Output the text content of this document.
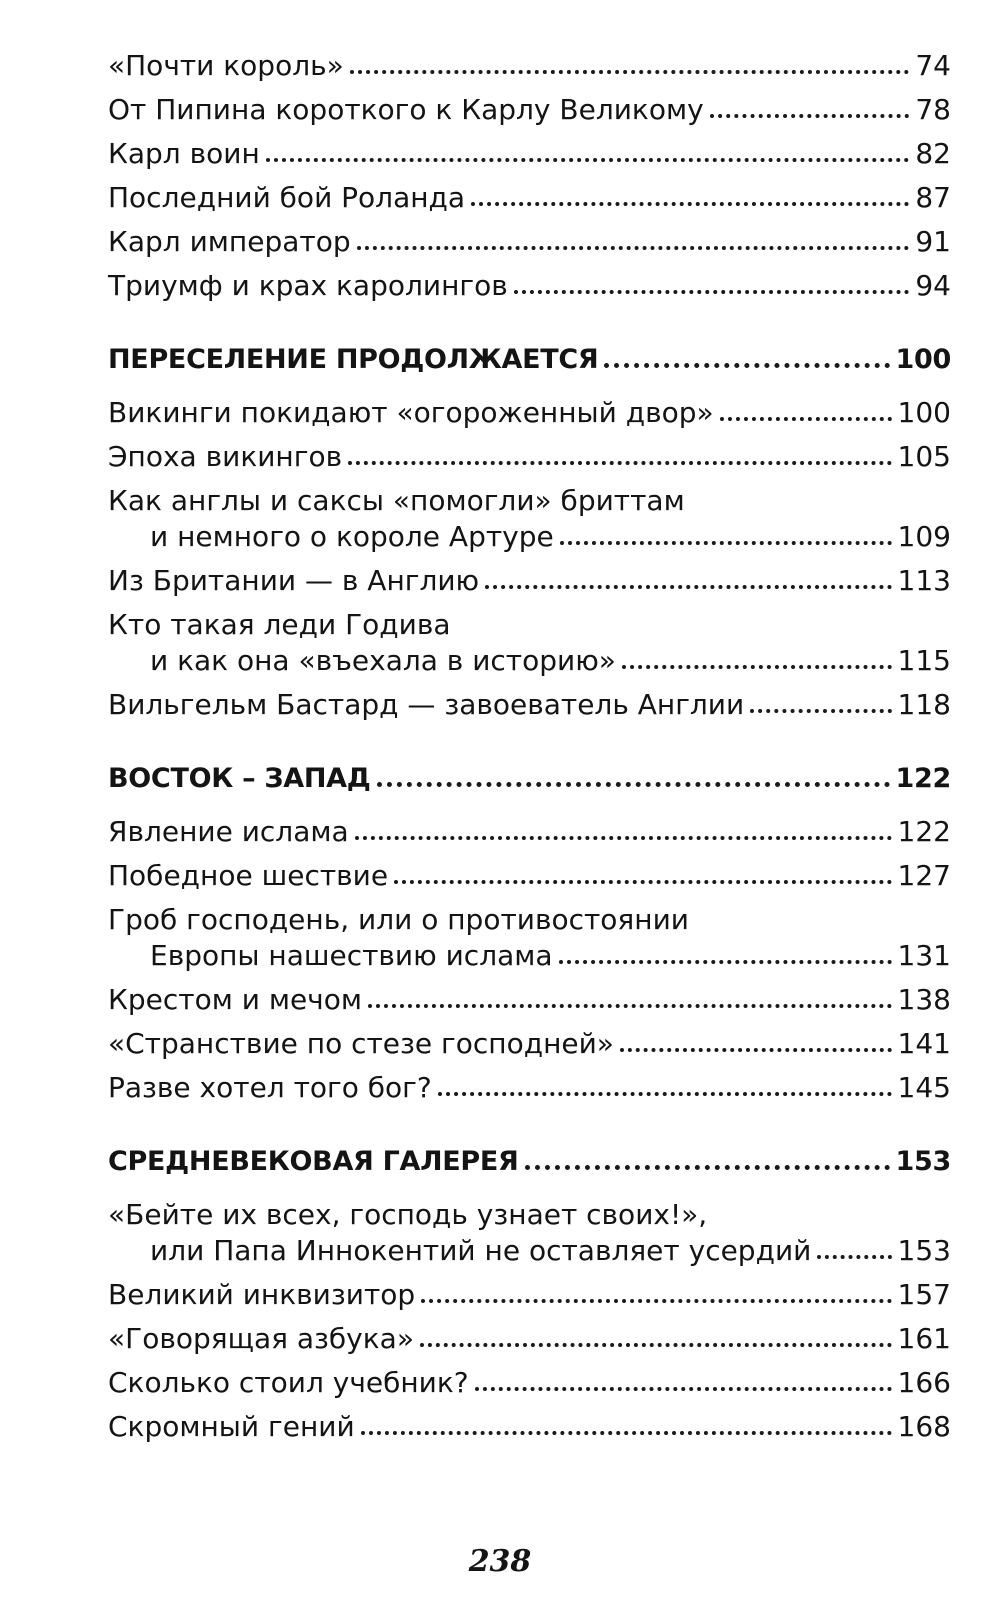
«Почти король»	74
От Пипина короткого к Карлу Великому	78
Карл воин	82
Последний бой Роланда	87
Карл император	91
Триумф и крах каролингов	94
ПЕРЕСЕЛЕНИЕ ПРОДОЛЖАЕТСЯ	100
Викинги покидают «огороженный двор»	100
Эпоха викингов	105
Как англы и саксы «помогли» бриттам
и немного о короле Артуре	109
Из Британии — в Англию	113
Кто такая леди Годива
и как она «въехала в историю»	115
Вильгельм Бастард — завоеватель Англии	118
ВОСТОК – ЗАПАД	122
Явление ислама	122
Победное шествие	127
Гроб господень, или о противостоянии
Европы нашествию ислама	131
Крестом и мечом	138
«Странствие по стезе господней»	141
Разве хотел того бог?	145
СРЕДНЕВЕКОВАЯ ГАЛЕРЕЯ	153
«Бейте их всех, господь узнает своих!»,
или Папа Иннокентий не оставляет усердий	153
Великий инквизитор	157
«Говорящая азбука»	161
Сколько стоил учебник?	166
Скромный гений	168
238
